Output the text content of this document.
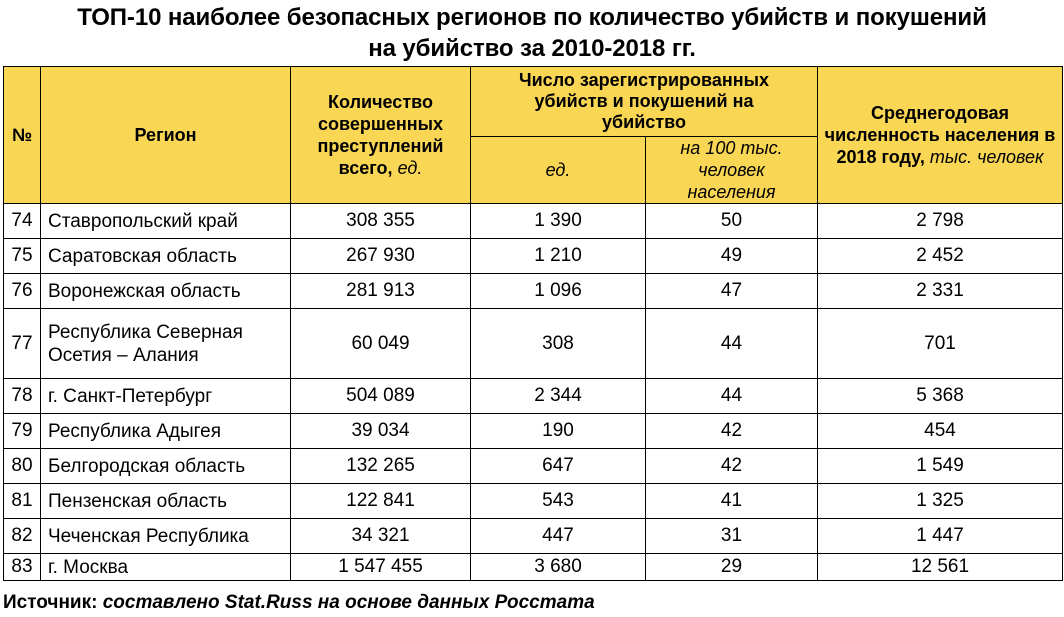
ТОП-10 наиболее безопасных регионов по количество убийств и покушений
на убийство за 2010-2018 гг.
№	Регион	Количество совершенных преступлений всего, ед.	Число зарегистрированных убийств и покушений на убийство		Среднегодовая численность населения в 2018 году, тыс. человек
			ед.	на 100 тыс. человек населения	
74	Ставропольский край	308 355	1 390	50	2 798
75	Саратовская область	267 930	1 210	49	2 452
76	Воронежская область	281 913	1 096	47	2 331
77	Республика Северная Осетия – Алания	60 049	308	44	701
78	г. Санкт-Петербург	504 089	2 344	44	5 368
79	Республика Адыгея	39 034	190	42	454
80	Белгородская область	132 265	647	42	1 549
81	Пензенская область	122 841	543	41	1 325
82	Чеченская Республика	34 321	447	31	1 447
83	г. Москва	1 547 455	3 680	29	12 561
Источник: составлено Stat.Russ на основе данных Росстата
